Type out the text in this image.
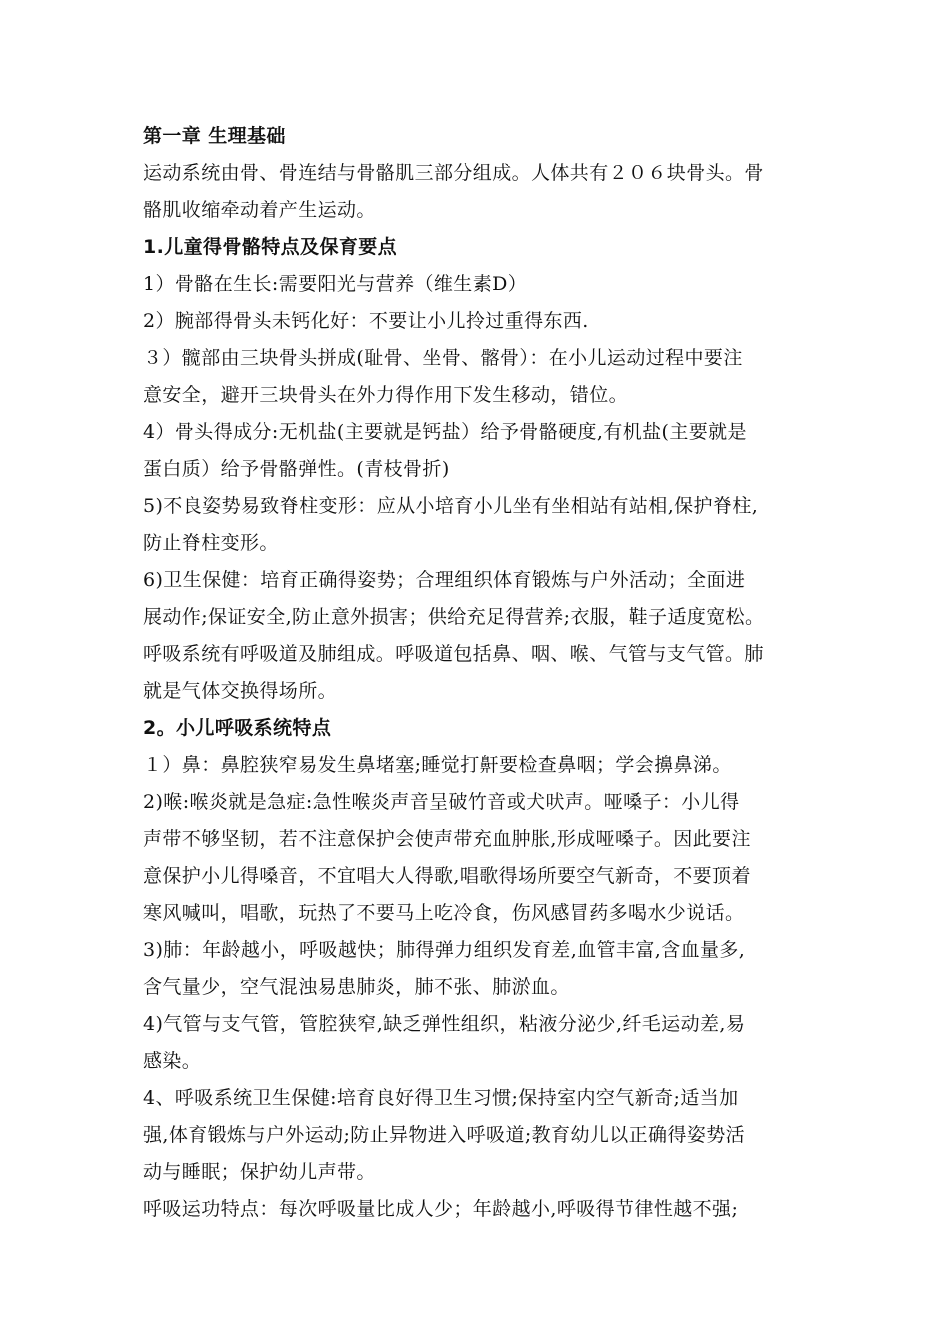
第一章 生理基础
运动系统由骨、骨连结与骨骼肌三部分组成。人体共有２０６块骨头。骨
骼肌收缩牵动着产生运动。
1.儿童得骨骼特点及保育要点
1）骨骼在生长:需要阳光与营养（维生素D）
2）腕部得骨头未钙化好：不要让小儿拎过重得东西.
３）髋部由三块骨头拼成(耻骨、坐骨、髂骨）：在小儿运动过程中要注
意安全，避开三块骨头在外力得作用下发生移动，错位。
4）骨头得成分:无机盐(主要就是钙盐）给予骨骼硬度,有机盐(主要就是
蛋白质）给予骨骼弹性。(青枝骨折)
5)不良姿势易致脊柱变形：应从小培育小儿坐有坐相站有站相,保护脊柱,
防止脊柱变形。
6)卫生保健：培育正确得姿势；合理组织体育锻炼与户外活动；全面进
展动作;保证安全,防止意外损害；供给充足得营养;衣服，鞋子适度宽松。
呼吸系统有呼吸道及肺组成。呼吸道包括鼻、咽、喉、气管与支气管。肺
就是气体交换得场所。
2。小儿呼吸系统特点
１）鼻：鼻腔狭窄易发生鼻堵塞;睡觉打鼾要检查鼻咽；学会擤鼻涕。
2)喉:喉炎就是急症:急性喉炎声音呈破竹音或犬吠声。哑嗓子：小儿得
声带不够坚韧，若不注意保护会使声带充血肿胀,形成哑嗓子。因此要注
意保护小儿得嗓音，不宜唱大人得歌,唱歌得场所要空气新奇，不要顶着
寒风喊叫，唱歌，玩热了不要马上吃冷食，伤风感冒药多喝水少说话。
3)肺：年龄越小，呼吸越快；肺得弹力组织发育差,血管丰富,含血量多,
含气量少，空气混浊易患肺炎，肺不张、肺淤血。
4)气管与支气管，管腔狭窄,缺乏弹性组织，粘液分泌少,纤毛运动差,易
感染。
4、呼吸系统卫生保健:培育良好得卫生习惯;保持室内空气新奇;适当加
强,体育锻炼与户外运动;防止异物进入呼吸道;教育幼儿以正确得姿势活
动与睡眠；保护幼儿声带。
呼吸运功特点：每次呼吸量比成人少；年龄越小,呼吸得节律性越不强;
